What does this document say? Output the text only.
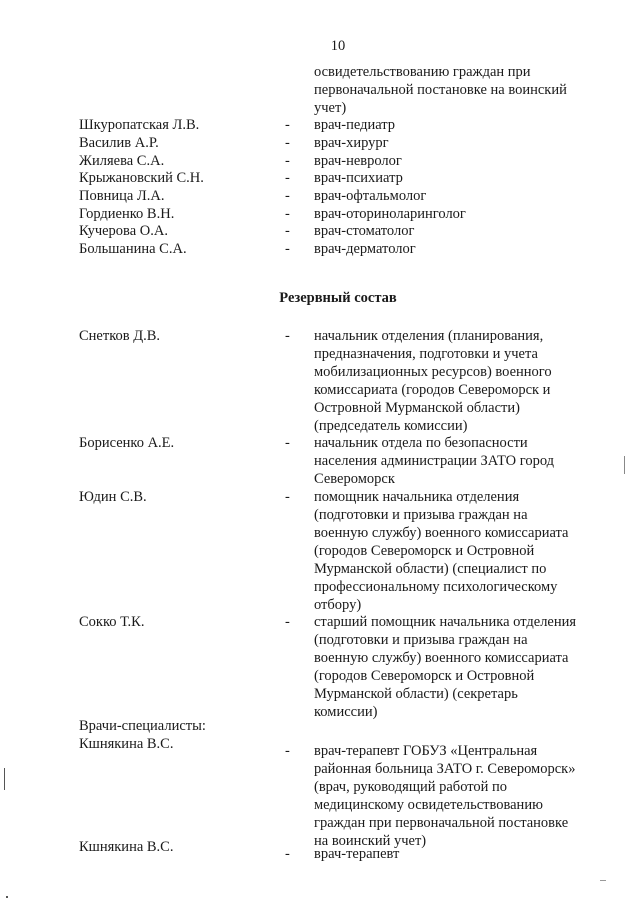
10
освидетельствованию граждан при
первоначальной постановке на воинский
учет)
Шкуропатская Л.В.	- врач-педиатр
Василив А.Р.	- врач-хирург
Жиляева С.А.	- врач-невролог
Крыжановский С.Н.	- врач-психиатр
Повница Л.А.	- врач-офтальмолог
Гордиенко В.Н.	- врач-оториноларинголог
Кучерова О.А.	- врач-стоматолог
Большанина С.А.	- врач-дерматолог
Резервный состав
Снетков Д.В.	- начальник отделения (планирования,
предназначения, подготовки и учета
мобилизационных ресурсов) военного
комиссариата (городов Североморск и
Островной Мурманской области)
(председатель комиссии)
Борисенко А.Е.	- начальник отдела по безопасности
населения администрации ЗАТО город
Североморск
Юдин С.В.	- помощник начальника отделения
(подготовки и призыва граждан на
военную службу) военного комиссариата
(городов Североморск и Островной
Мурманской области) (специалист по
профессиональному психологическому
отбору)
Сокко Т.К.	- старший помощник начальника отделения
(подготовки и призыва граждан на
военную службу) военного комиссариата
(городов Североморск и Островной
Мурманской области) (секретарь
комиссии)
Врачи-специалисты:
Кшнякина В.С.	- врач-терапевт ГОБУЗ «Центральная
районная больница ЗАТО г. Североморск»
(врач, руководящий работой по
медицинскому освидетельствованию
граждан при первоначальной постановке
на воинский учет)
Кшнякина В.С.	- врач-терапевт
